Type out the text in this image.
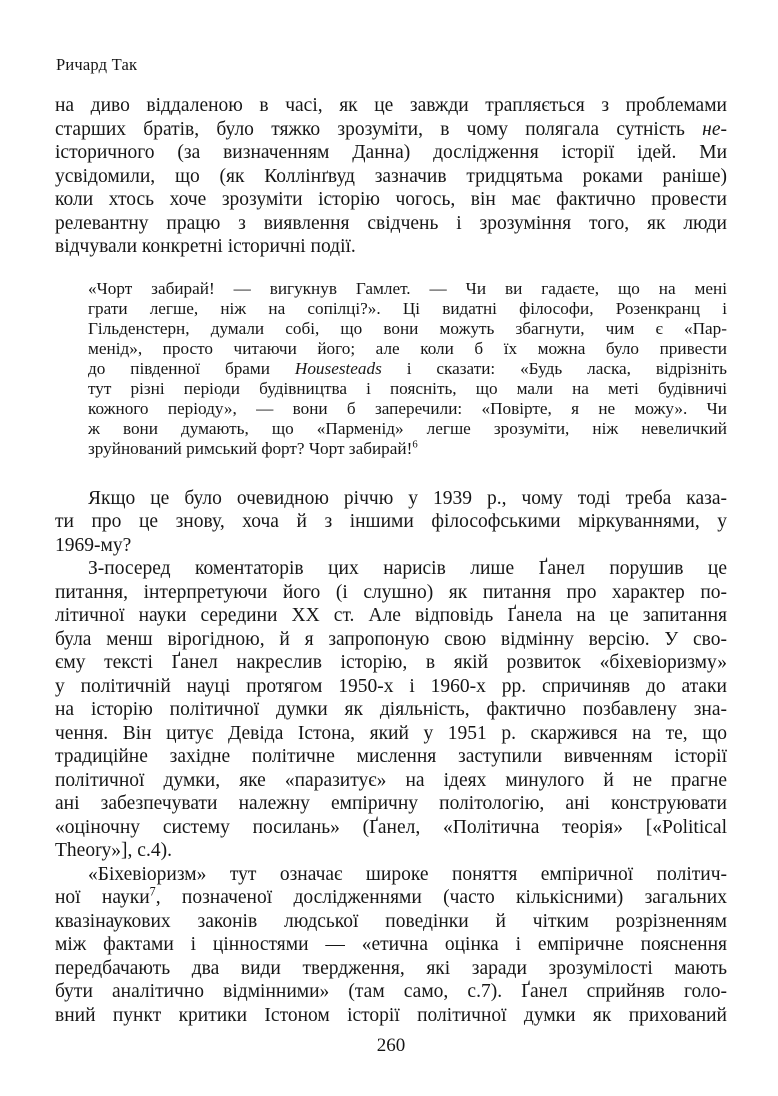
Ричард Так
на диво віддаленою в часі, як це завжди трапляється з проблемами
старших братів, було тяжко зрозуміти, в чому полягала сутність не-
історичного (за визначенням Данна) дослідження історії ідей. Ми
усвідомили, що (як Коллінґвуд зазначив тридцятьма роками раніше)
коли хтось хоче зрозуміти історію чогось, він має фактично провести
релевантну працю з виявлення свідчень і зрозуміння того, як люди
відчували конкретні історичні події.
«Чорт забирай! — вигукнув Гамлет. — Чи ви гадаєте, що на мені
грати легше, ніж на сопілці?». Ці видатні філософи, Розенкранц і
Гільденстерн, думали собі, що вони можуть збагнути, чим є «Пар-
менід», просто читаючи його; але коли б їх можна було привести
до південної брами Housesteads і сказати: «Будь ласка, відрізніть
тут різні періоди будівництва і поясніть, що мали на меті будівничі
кожного періоду», — вони б заперечили: «Повірте, я не можу». Чи
ж вони думають, що «Парменід» легше зрозуміти, ніж невеличкий
зруйнований римський форт? Чорт забирай!$^6$
Якщо це було очевидною річчю у 1939 р., чому тоді треба каза-
ти про це знову, хоча й з іншими філософськими міркуваннями, у
1969-му?
З-посеред коментаторів цих нарисів лише Ґанел порушив це
питання, інтерпретуючи його (і слушно) як питання про характер по-
літичної науки середини XX ст. Але відповідь Ґанела на це запитання
була менш вірогідною, й я запропоную свою відмінну версію. У сво-
єму тексті Ґанел накреслив історію, в якій розвиток «біхевіоризму»
у політичній науці протягом 1950-х і 1960-х рр. спричиняв до атаки
на історію політичної думки як діяльність, фактично позбавлену зна-
чення. Він цитує Девіда Істона, який у 1951 р. скаржився на те, що
традиційне західне політичне мислення заступили вивченням історії
політичної думки, яке «паразитує» на ідеях минулого й не прагне
ані забезпечувати належну емпіричну політологію, ані конструювати
«оціночну систему посилань» (Ґанел, «Політична теорія» [«Political
Theory»], с.4).
«Біхевіоризм» тут означає широке поняття емпіричної політич-
ної науки$^7$, позначеної дослідженнями (часто кількісними) загальних
квазінаукових законів людської поведінки й чітким розрізненням
між фактами і цінностями — «етична оцінка і емпіричне пояснення
передбачають два види твердження, які заради зрозумілості мають
бути аналітично відмінними» (там само, с.7). Ґанел сприйняв голо-
вний пункт критики Істоном історії політичної думки як прихований
260
